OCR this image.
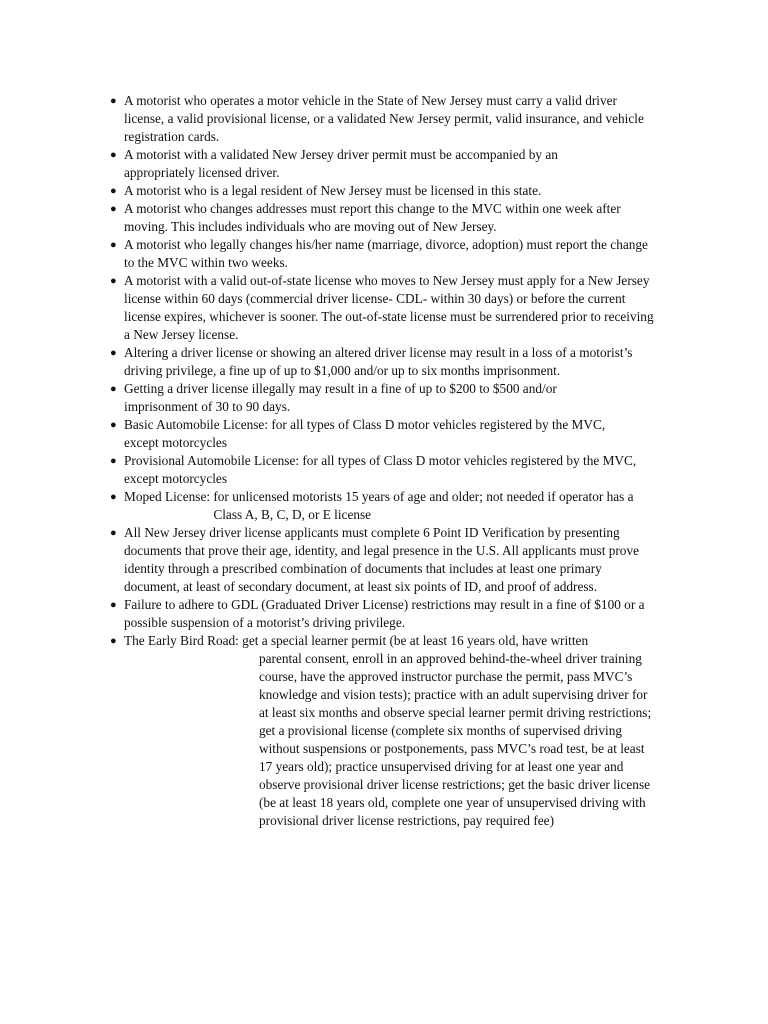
● A motorist who operates a motor vehicle in the State of New Jersey must carry a valid driver license, a valid provisional license, or a validated New Jersey permit, valid insurance, and vehicle registration cards.
● A motorist with a validated New Jersey driver permit must be accompanied by an appropriately licensed driver.
● A motorist who is a legal resident of New Jersey must be licensed in this state.
● A motorist who changes addresses must report this change to the MVC within one week after moving. This includes individuals who are moving out of New Jersey.
● A motorist who legally changes his/her name (marriage, divorce, adoption) must report the change to the MVC within two weeks.
● A motorist with a valid out-of-state license who moves to New Jersey must apply for a New Jersey license within 60 days (commercial driver license- CDL- within 30 days) or before the current license expires, whichever is sooner. The out-of-state license must be surrendered prior to receiving a New Jersey license.
● Altering a driver license or showing an altered driver license may result in a loss of a motorist’s driving privilege, a fine up of up to $1,000 and/or up to six months imprisonment.
● Getting a driver license illegally may result in a fine of up to $200 to $500 and/or imprisonment of 30 to 90 days.
● Basic Automobile License: for all types of Class D motor vehicles registered by the MVC, except motorcycles
● Provisional Automobile License: for all types of Class D motor vehicles registered by the MVC, except motorcycles
● Moped License: for unlicensed motorists 15 years of age and older; not needed if operator has a Class A, B, C, D, or E license
● All New Jersey driver license applicants must complete 6 Point ID Verification by presenting documents that prove their age, identity, and legal presence in the U.S. All applicants must prove identity through a prescribed combination of documents that includes at least one primary document, at least of secondary document, at least six points of ID, and proof of address.
● Failure to adhere to GDL (Graduated Driver License) restrictions may result in a fine of $100 or a possible suspension of a motorist’s driving privilege.
● The Early Bird Road: get a special learner permit (be at least 16 years old, have written
parental consent, enroll in an approved behind-the-wheel driver training course, have the approved instructor purchase the permit, pass MVC’s knowledge and vision tests); practice with an adult supervising driver for at least six months and observe special learner permit driving restrictions; get a provisional license (complete six months of supervised driving without suspensions or postponements, pass MVC’s road test, be at least 17 years old); practice unsupervised driving for at least one year and observe provisional driver license restrictions; get the basic driver license (be at least 18 years old, complete one year of unsupervised driving with provisional driver license restrictions, pay required fee)
